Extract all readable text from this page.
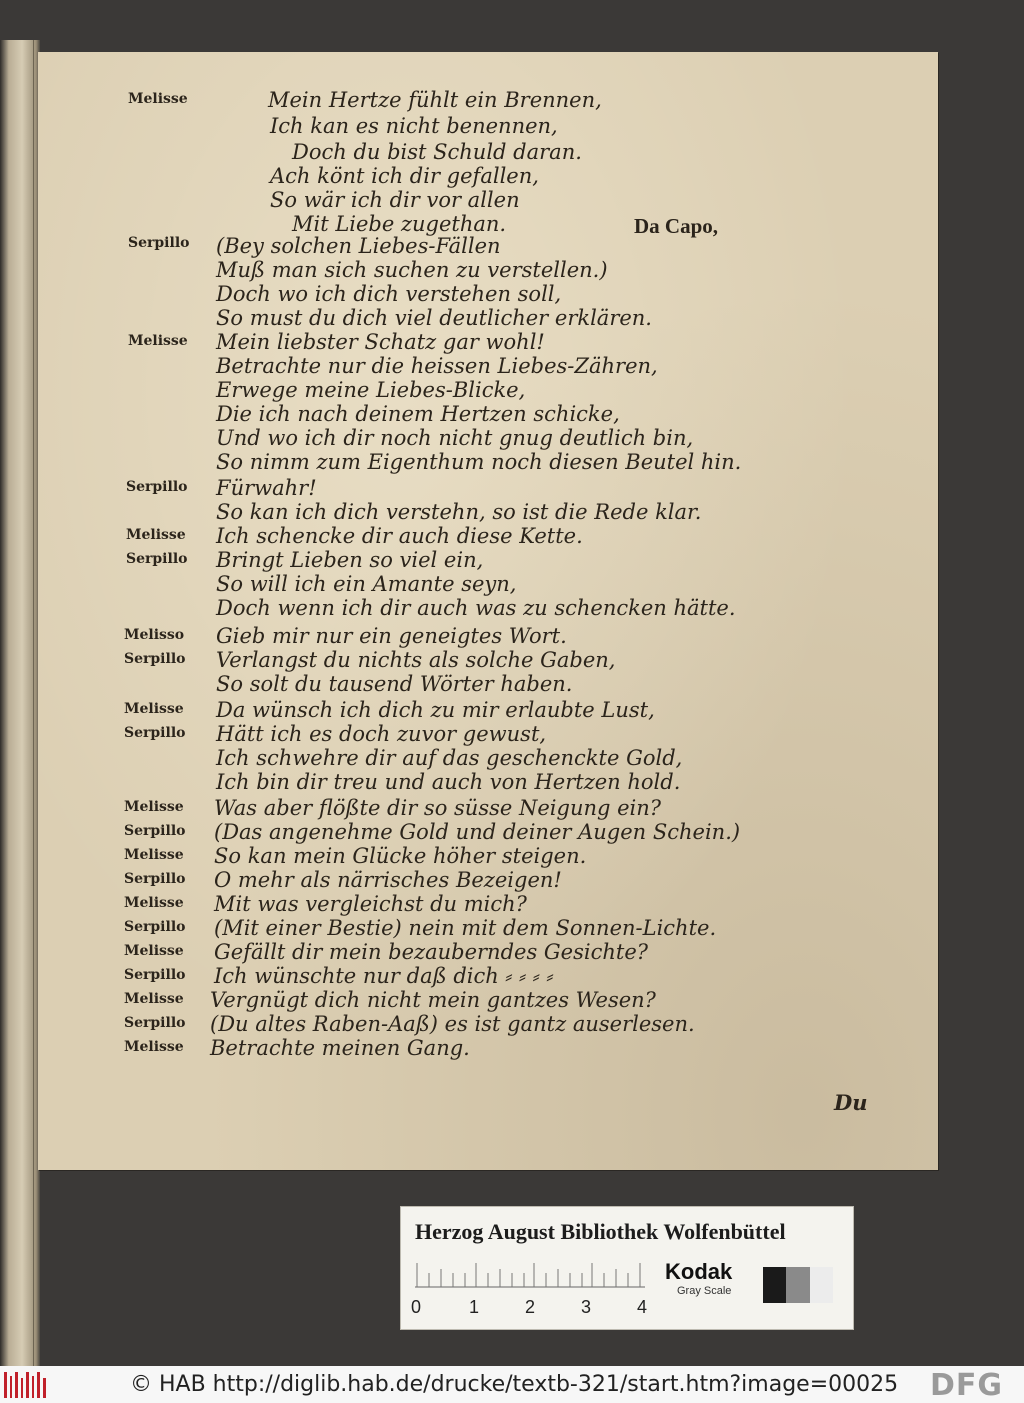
Melisse	Mein Hertze fühlt ein Brennen,
Ich kan es nicht benennen,
Doch du bist Schuld daran.
Ach könt ich dir gefallen,
So wär ich dir vor allen
Mit Liebe zugethan.	Da Capo,
Serpillo (Bey solchen Liebes-Fällen
Muß man sich suchen zu verstellen.)
Doch wo ich dich verstehen soll,
So must du dich viel deutlicher erklären.
Melisse Mein liebster Schatz gar wohl!
Betrachte nur die heissen Liebes-Zähren,
Erwege meine Liebes-Blicke,
Die ich nach deinem Hertzen schicke,
Und wo ich dir noch nicht gnug deutlich bin,
So nimm zum Eigenthum noch diesen Beutel hin.
Serpillo Fürwahr!
So kan ich dich verstehn, so ist die Rede klar.
Melisse Ich schencke dir auch diese Kette.
Serpillo Bringt Lieben so viel ein,
So will ich ein Amante seyn,
Doch wenn ich dir auch was zu schencken hätte.
Melisso Gieb mir nur ein geneigtes Wort.
Serpillo Verlangst du nichts als solche Gaben,
So solt du tausend Wörter haben.
Melisse Da wünsch ich dich zu mir erlaubte Lust,
Serpillo Hätt ich es doch zuvor gewust,
Ich schwehre dir auf das geschenckte Gold,
Ich bin dir treu und auch von Hertzen hold.
Melisse Was aber flößte dir so süsse Neigung ein?
Serpillo (Das angenehme Gold und deiner Augen Schein.)
Melisse So kan mein Glücke höher steigen.
Serpillo O mehr als närrisches Bezeigen!
Melisse Mit was vergleichst du mich?
Serpillo (Mit einer Bestie) nein mit dem Sonnen-Lichte.
Melisse Gefällt dir mein bezauberndes Gesichte?
Serpillo Ich wünschte nur daß dich ⸗ ⸗ ⸗ ⸗
Melisse Vergnügt dich nicht mein gantzes Wesen?
Serpillo (Du altes Raben-Aaß) es ist gantz auserlesen.
Melisse Betrachte meinen Gang.
Du
Herzog August Bibliothek Wolfenbüttel
0	1	2	3	4
Kodak
Gray Scale
© HAB http://diglib.hab.de/drucke/textb-321/start.htm?image=00025 DFG
